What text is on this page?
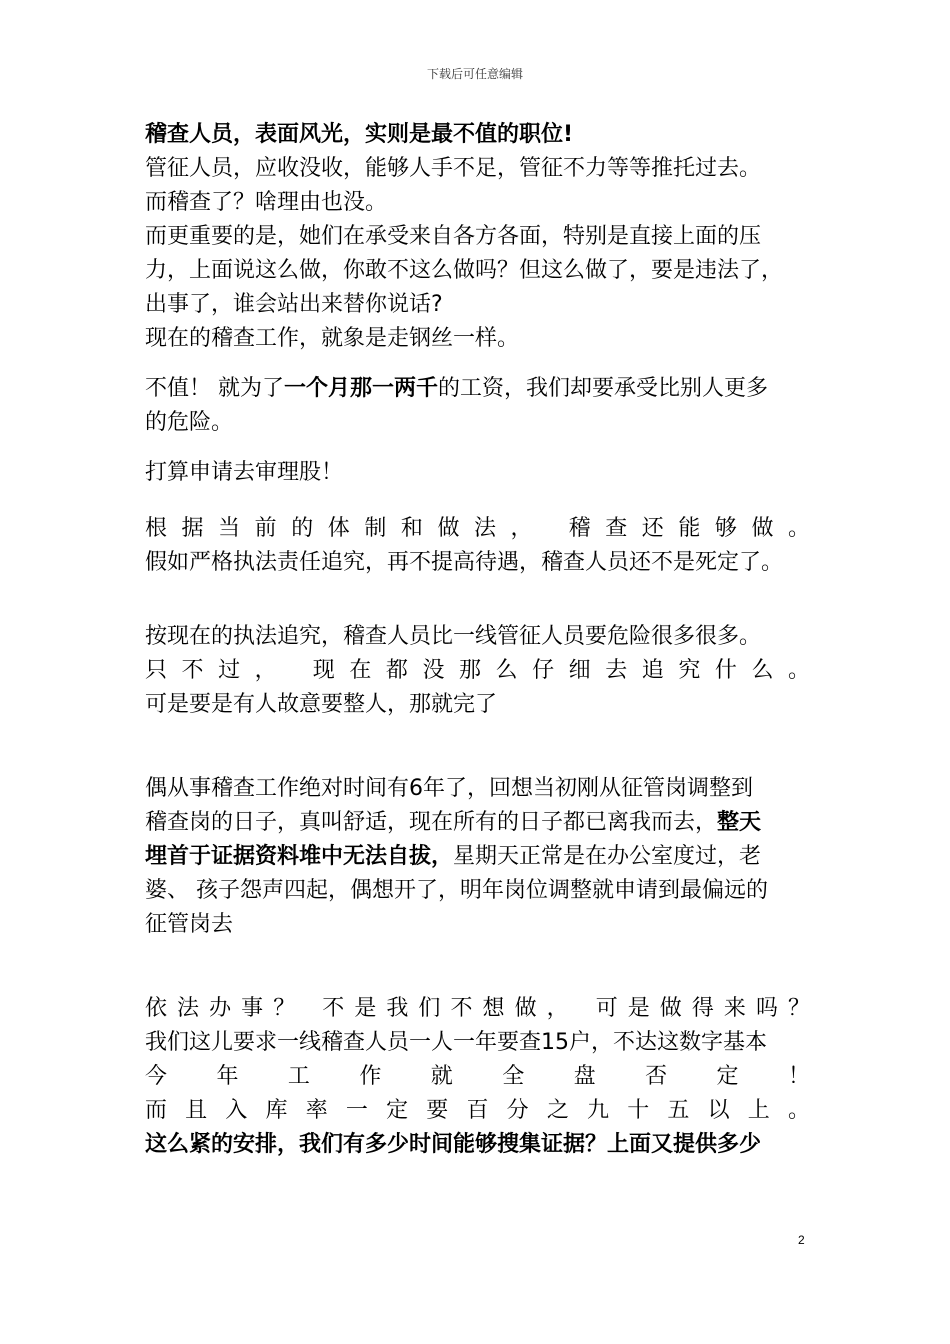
下载后可任意编辑

稽查人员，表面风光，实则是最不值的职位!

管征人员，应收没收，能够人手不足，管征不力等等推托过去。

而稽查了？啥理由也没。

而更重要的是，她们在承受来自各方各面，特别是直接上面的压

力，上面说这么做，你敢不这么做吗？但这么做了，要是违法了，

出事了，谁会站出来替你说话?

现在的稽查工作，就象是走钢丝一样。

不值！ 就为了一个月那一两千的工资，我们却要承受比别人更多

的危险。

打算申请去审理股！

根据当前的体制和做法， 稽查还能够做。

假如严格执法责任追究，再不提高待遇，稽查人员还不是死定了。

按现在的执法追究，稽查人员比一线管征人员要危险很多很多。

只不过， 现在都没那么仔细去追究什么。

可是要是有人故意要整人，那就完了

偶从事稽查工作绝对时间有6年了，回想当初刚从征管岗调整到

稽查岗的日子，真叫舒适，现在所有的日子都已离我而去，整天

埋首于证据资料堆中无法自拔，星期天正常是在办公室度过，老

婆、 孩子怨声四起，偶想开了，明年岗位调整就申请到最偏远的

征管岗去

依法办事？ 不是我们不想做， 可是做得来吗？

我们这儿要求一线稽查人员一人一年要查15户，不达这数字基本

今 年 工 作 就 全 盘 否 定 ！

而且入库率一定要百分之九十五以上。

这么紧的安排，我们有多少时间能够搜集证据？上面又提供多少

2
